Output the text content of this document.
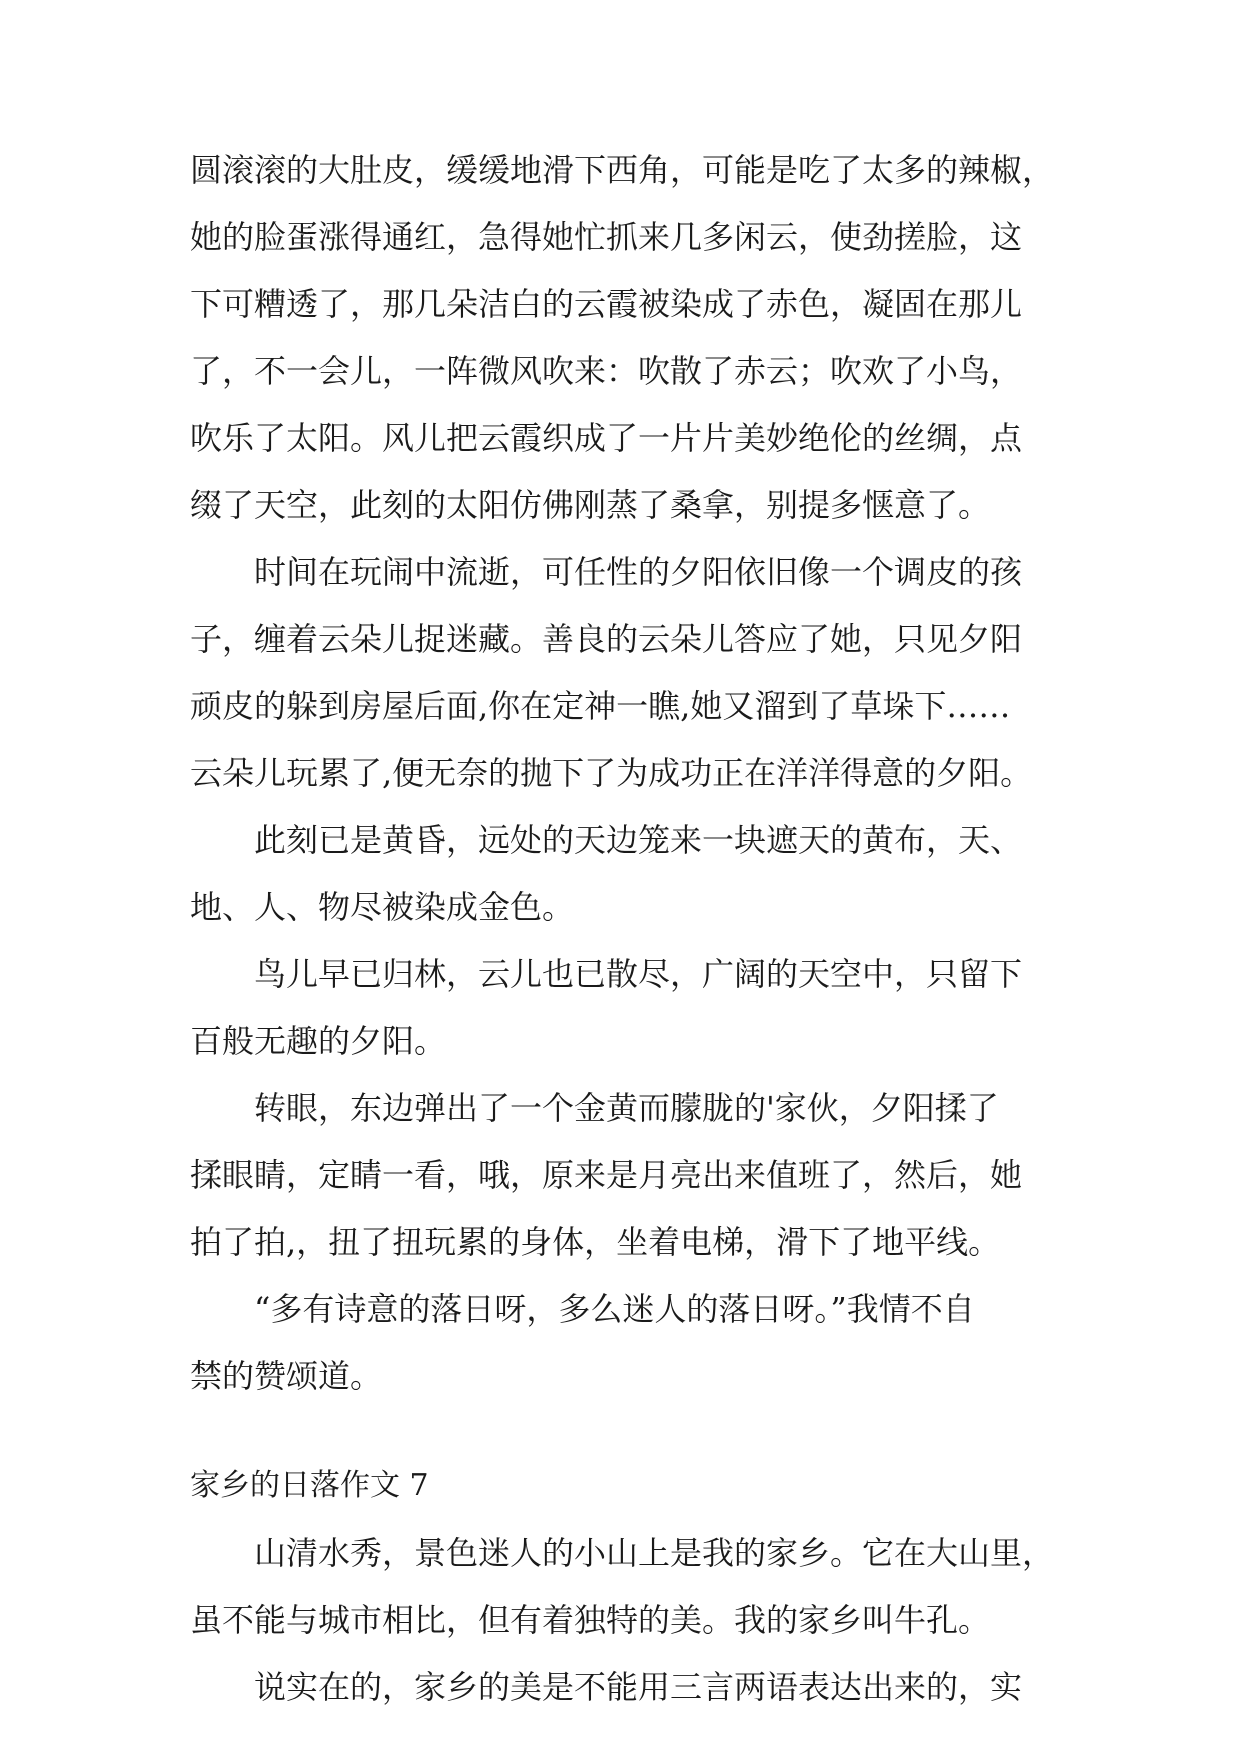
圆滚滚的大肚皮，缓缓地滑下西角，可能是吃了太多的辣椒，
她的脸蛋涨得通红，急得她忙抓来几多闲云，使劲搓脸，这
下可糟透了，那几朵洁白的云霞被染成了赤色，凝固在那儿
了，不一会儿，一阵微风吹来：吹散了赤云；吹欢了小鸟，
吹乐了太阳。风儿把云霞织成了一片片美妙绝伦的丝绸，点
缀了天空，此刻的太阳仿佛刚蒸了桑拿，别提多惬意了。
　　时间在玩闹中流逝，可任性的夕阳依旧像一个调皮的孩
子，缠着云朵儿捉迷藏。善良的云朵儿答应了她，只见夕阳
顽皮的躲到房屋后面,你在定神一瞧,她又溜到了草垛下……
云朵儿玩累了,便无奈的抛下了为成功正在洋洋得意的夕阳。
　　此刻已是黄昏，远处的天边笼来一块遮天的黄布，天、
地、人、物尽被染成金色。
　　鸟儿早已归林，云儿也已散尽，广阔的天空中，只留下
百般无趣的夕阳。
　　转眼，东边弹出了一个金黄而朦胧的'家伙，夕阳揉了
揉眼睛，定睛一看，哦，原来是月亮出来值班了，然后，她
拍了拍,，扭了扭玩累的身体，坐着电梯，滑下了地平线。
　　“多有诗意的落日呀，多么迷人的落日呀。”我情不自
禁的赞颂道。
家乡的日落作文 7
　　山清水秀，景色迷人的小山上是我的家乡。它在大山里，
虽不能与城市相比，但有着独特的美。我的家乡叫牛孔。
　　说实在的，家乡的美是不能用三言两语表达出来的，实
